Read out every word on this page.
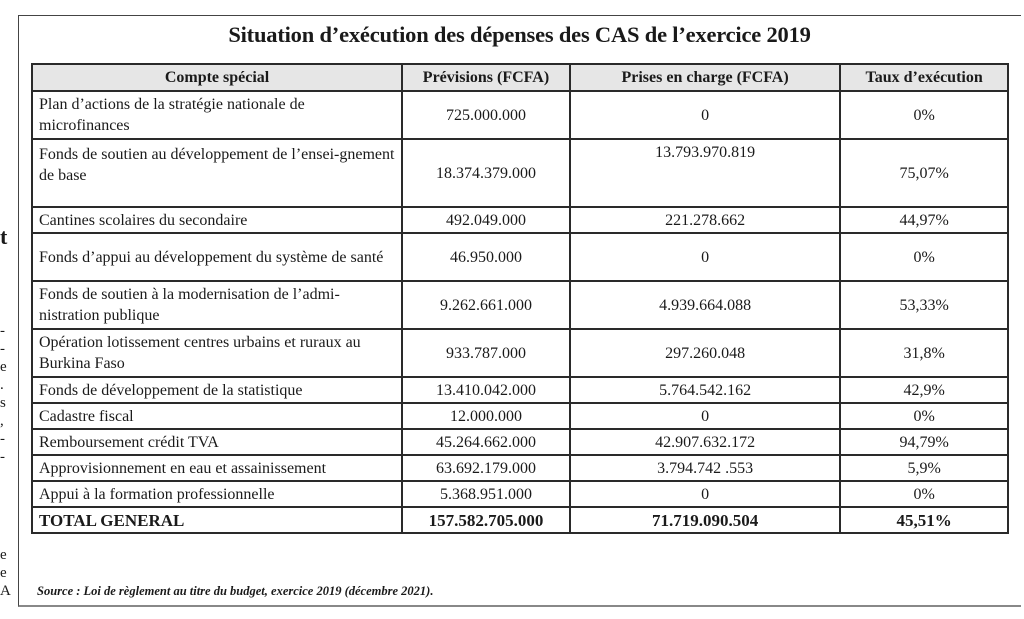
t
-
-
e
.
s
,
-
-
e
e
A
Situation d’exécution des dépenses des CAS de l’exercice 2019
Compte spécial	Prévisions (FCFA)	Prises en charge (FCFA)	Taux d’exécution
Plan d’actions de la stratégie nationale de microfinances	725.000.000	0	0%
Fonds de soutien au développement de l’ensei-gnement de base	18.374.379.000	13.793.970.819	75,07%
Cantines scolaires du secondaire	492.049.000	221.278.662	44,97%
Fonds d’appui au développement du système de santé	46.950.000	0	0%
Fonds de soutien à la modernisation de l’admi-nistration publique	9.262.661.000	4.939.664.088	53,33%
Opération lotissement centres urbains et ruraux au Burkina Faso	933.787.000	297.260.048	31,8%
Fonds de développement de la statistique	13.410.042.000	5.764.542.162	42,9%
Cadastre fiscal	12.000.000	0	0%
Remboursement crédit TVA	45.264.662.000	42.907.632.172	94,79%
Approvisionnement en eau et assainissement	63.692.179.000	3.794.742 .553	5,9%
Appui à la formation professionnelle	5.368.951.000	0	0%
TOTAL GENERAL	157.582.705.000	71.719.090.504	45,51%
Source : Loi de règlement au titre du budget, exercice 2019 (décembre 2021).
